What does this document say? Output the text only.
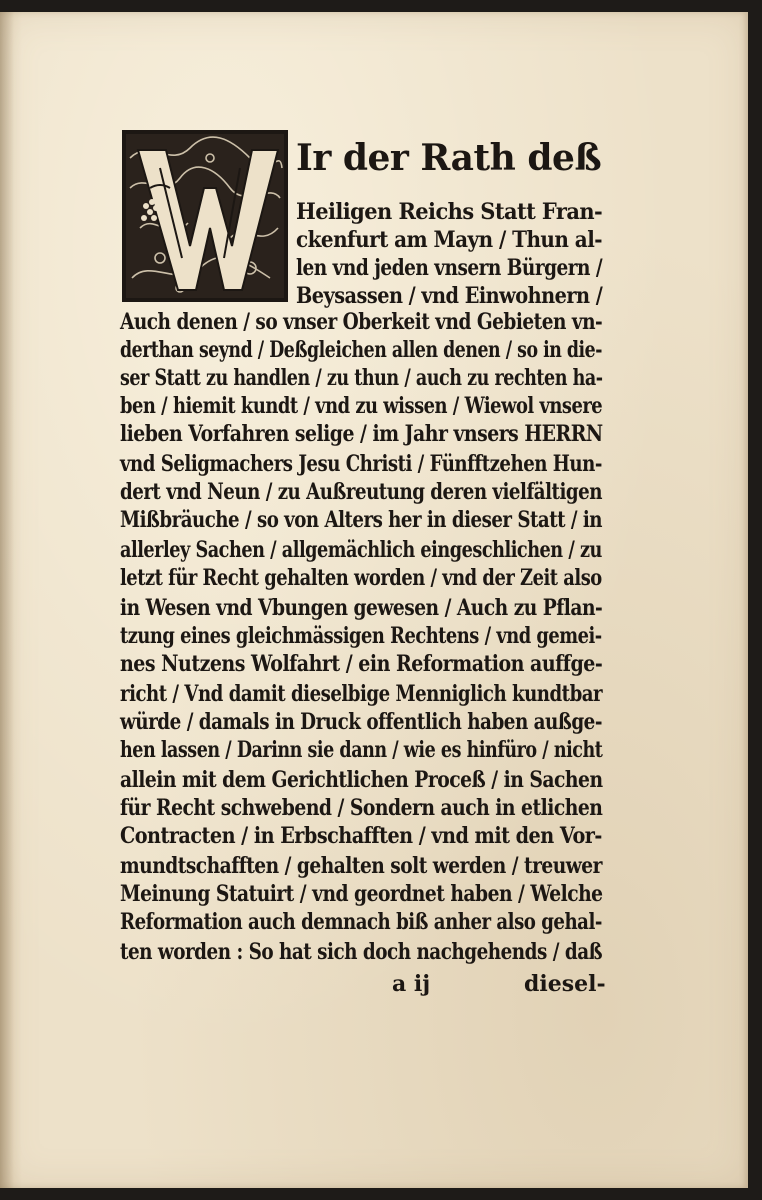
Ir der Rath deß
Heiligen Reichs Statt Fran-
ckenfurt am Mayn / Thun al-
len vnd jeden vnsern Bürgern /
Beysassen / vnd Einwohnern /
Auch denen / so vnser Oberkeit vnd Gebieten vn-
derthan seynd / Deßgleichen allen denen / so in die-
ser Statt zu handlen / zu thun / auch zu rechten ha-
ben / hiemit kundt / vnd zu wissen / Wiewol vnsere
lieben Vorfahren selige / im Jahr vnsers HERRN
vnd Seligmachers Jesu Christi / Fünfftzehen Hun-
dert vnd Neun / zu Außreutung deren vielfältigen
Mißbräuche / so von Alters her in dieser Statt / in
allerley Sachen / allgemächlich eingeschlichen / zu
letzt für Recht gehalten worden / vnd der Zeit also
in Wesen vnd Vbungen gewesen / Auch zu Pflan-
tzung eines gleichmässigen Rechtens / vnd gemei-
nes Nutzens Wolfahrt / ein Reformation auffge-
richt / Vnd damit dieselbige Menniglich kundtbar
würde / damals in Druck offentlich haben außge-
hen lassen / Darinn sie dann / wie es hinfüro / nicht
allein mit dem Gerichtlichen Proceß / in Sachen
für Recht schwebend / Sondern auch in etlichen
Contracten / in Erbschafften / vnd mit den Vor-
mundtschafften / gehalten solt werden / treuwer
Meinung Statuirt / vnd geordnet haben / Welche
Reformation auch demnach biß anher also gehal-
ten worden : So hat sich doch nachgehends / daß
a ij	diesel-
